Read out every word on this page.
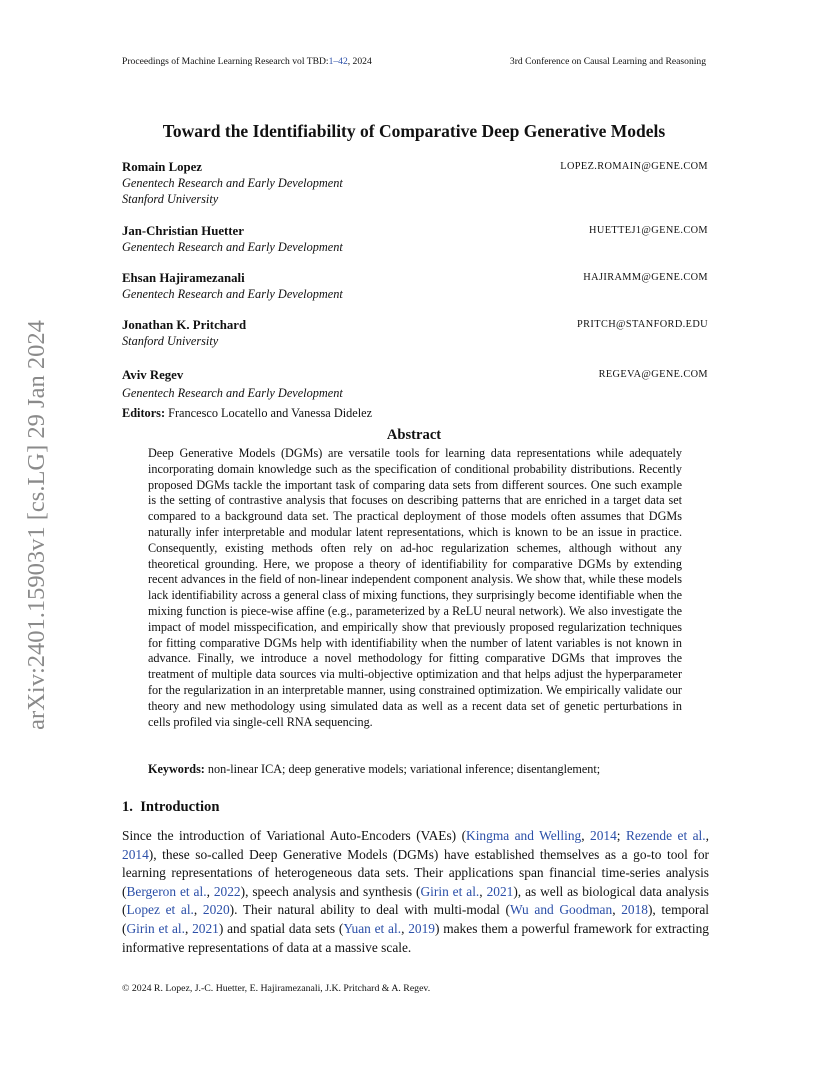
Proceedings of Machine Learning Research vol TBD:1–42, 2024	3rd Conference on Causal Learning and Reasoning
arXiv:2401.15903v1 [cs.LG] 29 Jan 2024
Toward the Identifiability of Comparative Deep Generative Models
Romain Lopez	LOPEZ.ROMAIN@GENE.COM
Genentech Research and Early Development
Stanford University
Jan-Christian Huetter	HUETTEJ1@GENE.COM
Genentech Research and Early Development
Ehsan Hajiramezanali	HAJIRAMM@GENE.COM
Genentech Research and Early Development
Jonathan K. Pritchard	PRITCH@STANFORD.EDU
Stanford University
Aviv Regev	REGEVA@GENE.COM
Genentech Research and Early Development
Editors: Francesco Locatello and Vanessa Didelez
Abstract
Deep Generative Models (DGMs) are versatile tools for learning data representations while adequately incorporating domain knowledge such as the specification of conditional probability distributions. Recently proposed DGMs tackle the important task of comparing data sets from different sources. One such example is the setting of contrastive analysis that focuses on describing patterns that are enriched in a target data set compared to a background data set. The practical deployment of those models often assumes that DGMs naturally infer interpretable and modular latent representations, which is known to be an issue in practice. Consequently, existing methods often rely on ad-hoc regularization schemes, although without any theoretical grounding. Here, we propose a theory of identifiability for comparative DGMs by extending recent advances in the field of non-linear independent component analysis. We show that, while these models lack identifiability across a general class of mixing functions, they surprisingly become identifiable when the mixing function is piece-wise affine (e.g., parameterized by a ReLU neural network). We also investigate the impact of model misspecification, and empirically show that previously proposed regularization techniques for fitting comparative DGMs help with identifiability when the number of latent variables is not known in advance. Finally, we introduce a novel methodology for fitting comparative DGMs that improves the treatment of multiple data sources via multi-objective optimization and that helps adjust the hyperparameter for the regularization in an interpretable manner, using constrained optimization. We empirically validate our theory and new methodology using simulated data as well as a recent data set of genetic perturbations in cells profiled via single-cell RNA sequencing.
Keywords: non-linear ICA; deep generative models; variational inference; disentanglement;
1. Introduction
Since the introduction of Variational Auto-Encoders (VAEs) (Kingma and Welling, 2014; Rezende et al., 2014), these so-called Deep Generative Models (DGMs) have established themselves as a go-to tool for learning representations of heterogeneous data sets. Their applications span financial time-series analysis (Bergeron et al., 2022), speech analysis and synthesis (Girin et al., 2021), as well as biological data analysis (Lopez et al., 2020). Their natural ability to deal with multi-modal (Wu and Goodman, 2018), temporal (Girin et al., 2021) and spatial data sets (Yuan et al., 2019) makes them a powerful framework for extracting informative representations of data at a massive scale.
© 2024 R. Lopez, J.-C. Huetter, E. Hajiramezanali, J.K. Pritchard & A. Regev.
